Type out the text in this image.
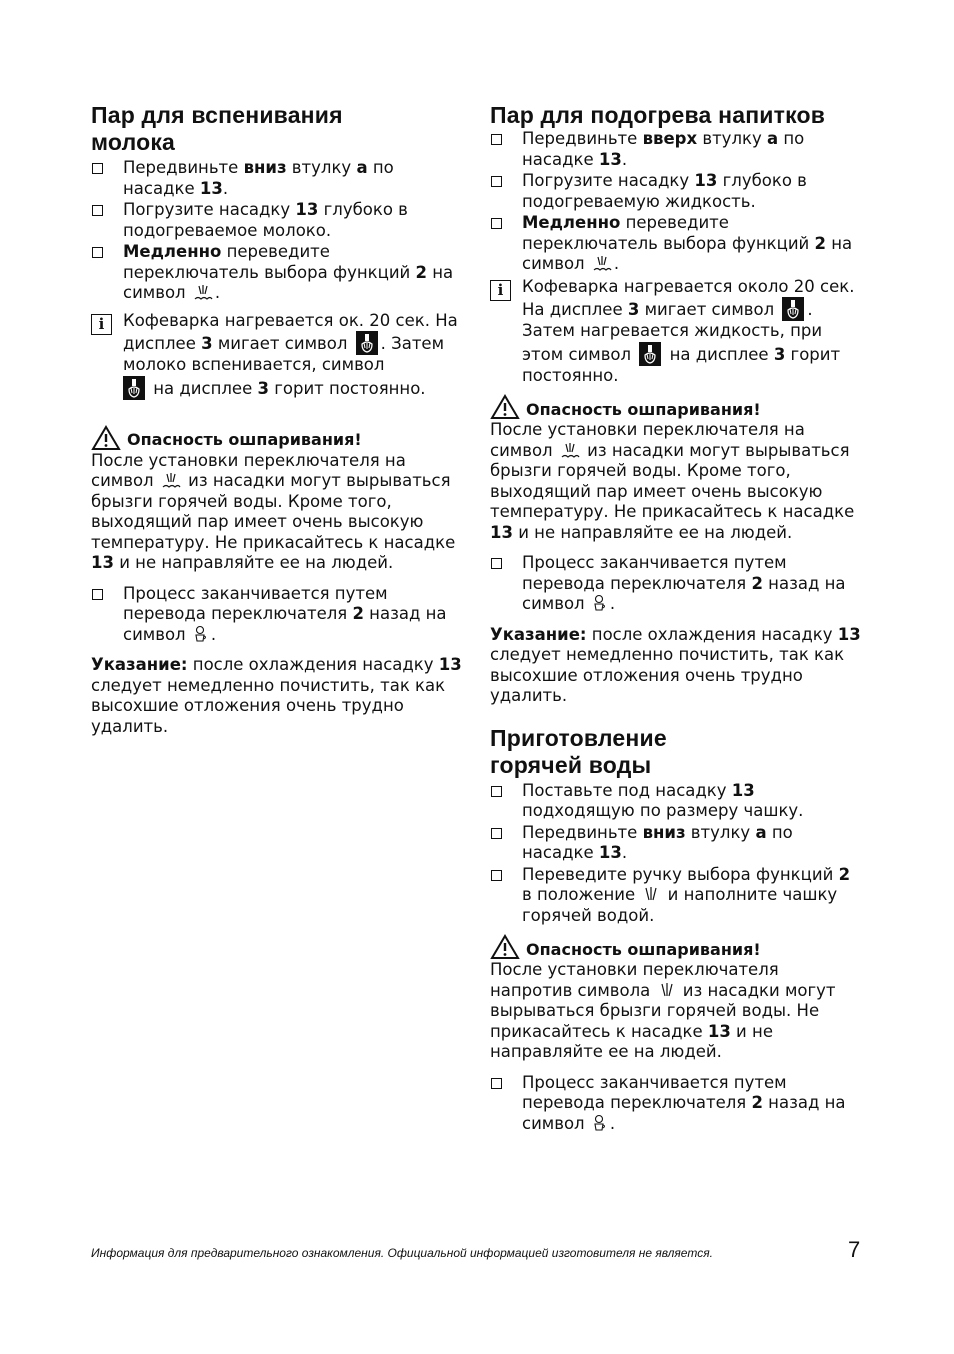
Пар для вспенивания молока
Передвиньте вниз втулку а по насадке 13.
Погрузите насадку 13 глубоко в подогреваемое молоко.
Медленно переведите переключатель выбора функций 2 на символ .
i	Кофеварка нагревается ок. 20 сек. На дисплее 3 мигает символ . Затем молоко вспенивается, символ
на дисплее 3 горит постоянно.
Опасность ошпаривания!

После установки переключателя на символ  из насадки могут вырываться брызги горячей воды. Кроме того, выходящий пар имеет очень высокую температуру. Не прикасайтесь к насадке 13 и не направляйте ее на людей.

Процесс заканчивается путем перевода переключателя 2 назад на символ .

Указание: после охлаждения насадку 13 следует немедленно почистить, так как высохшие отложения очень трудно удалить.

Пар для подогрева напитков
Передвиньте вверх втулку а по насадке 13.
Погрузите насадку 13 глубоко в подогреваемую жидкость.
Медленно переведите переключатель выбора функций 2 на символ .
i	Кофеварка нагревается около 20 сек. На дисплее 3 мигает символ . Затем нагревается жидкость, при этом символ  на дисплее 3 горит постоянно.
Опасность ошпаривания!

После установки переключателя на символ  из насадки могут вырываться брызги горячей воды. Кроме того, выходящий пар имеет очень высокую температуру. Не прикасайтесь к насадке 13 и не направляйте ее на людей.

Процесс заканчивается путем перевода переключателя 2 назад на символ .

Указание: после охлаждения насадку 13 следует немедленно почистить, так как высохшие отложения очень трудно удалить.

Приготовление горячей воды
Поставьте под насадку 13 подходящую по размеру чашку.
Передвиньте вниз втулку а по насадке 13.
Переведите ручку выбора функций 2 в положение  и наполните чашку горячей водой.
Опасность ошпаривания!

После установки переключателя напротив символа  из насадки могут вырываться брызги горячей воды. Не прикасайтесь к насадке 13 и не направляйте ее на людей.

Процесс заканчивается путем перевода переключателя 2 назад на символ .
Информация для предварительного ознакомления. Официальной информацией изготовителя не является.	7
